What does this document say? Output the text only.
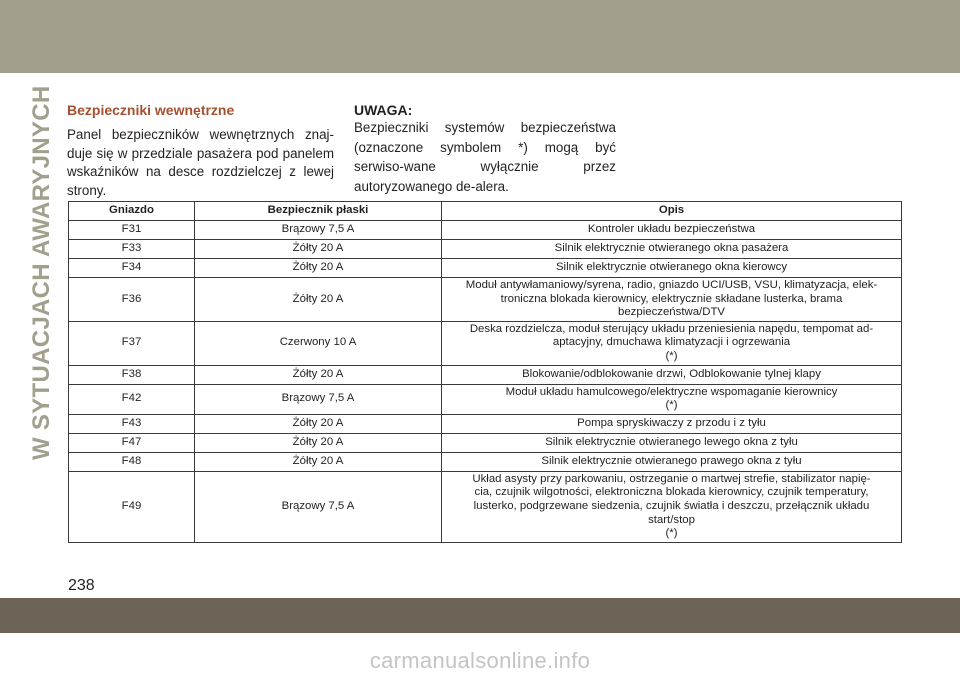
W SYTUACJACH AWARYJNYCH Bezpieczniki wewnętrzne

Panel bezpieczników wewnętrznych znaj-duje się w przedziale pasażera pod panelem wskaźników na desce rozdzielczej z lewej strony.

UWAGA:

Bezpieczniki systemów bezpieczeństwa (oznaczone symbolem *) mogą być serwiso-wane wyłącznie przez autoryzowanego de-alera.

Gniazdo	Bezpiecznik płaski	Opis
F31	Brązowy 7,5 A	Kontroler układu bezpieczeństwa

F33	Żółty 20 A	Silnik elektrycznie otwieranego okna pasażera

F34	Żółty 20 A	Silnik elektrycznie otwieranego okna kierowcy

F36	Żółty 20 A	Moduł antywłamaniowy/syrena, radio, gniazdo UCI/USB, VSU, klimatyzacja, elek-
troniczna blokada kierownicy, elektrycznie składane lusterka, brama
bezpieczeństwa/DTV

F37	Czerwony 10 A	Deska rozdzielcza, moduł sterujący układu przeniesienia napędu, tempomat ad-
aptacyjny, dmuchawa klimatyzacji i ogrzewania
(*)

F38	Żółty 20 A	Blokowanie/odblokowanie drzwi, Odblokowanie tylnej klapy

F42	Brązowy 7,5 A	Moduł układu hamulcowego/elektryczne wspomaganie kierownicy
(*)

F43	Żółty 20 A	Pompa spryskiwaczy z przodu i z tyłu

F47	Żółty 20 A	Silnik elektrycznie otwieranego lewego okna z tyłu

F48	Żółty 20 A	Silnik elektrycznie otwieranego prawego okna z tyłu

F49	Brązowy 7,5 A	Układ asysty przy parkowaniu, ostrzeganie o martwej strefie, stabilizator napię-
cia, czujnik wilgotności, elektroniczna blokada kierownicy, czujnik temperatury,
lusterko, podgrzewane siedzenia, czujnik światła i deszczu, przełącznik układu
start/stop
(*)
238
carmanualsonline.info
